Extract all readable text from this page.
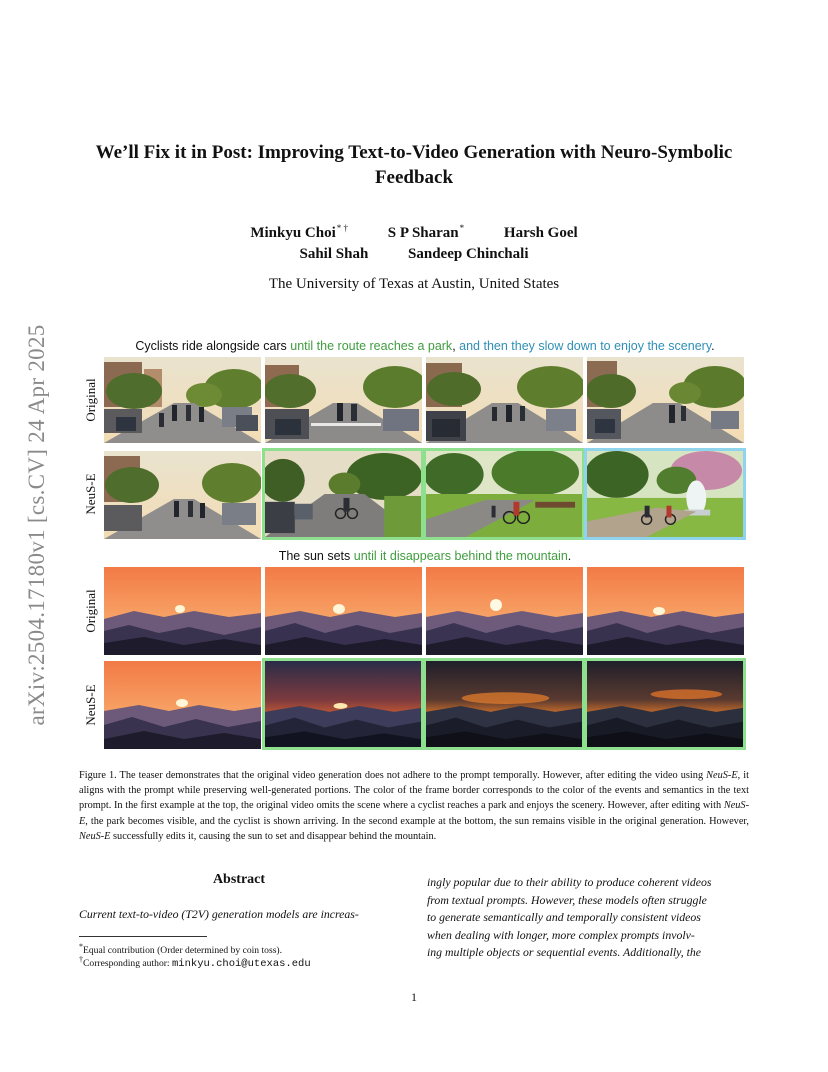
arXiv:2504.17180v1 [cs.CV] 24 Apr 2025
We’ll Fix it in Post: Improving Text-to-Video Generation with Neuro-Symbolic Feedback
Minkyu Choi* †	S P Sharan*	Harsh Goel
Sahil Shah	Sandeep Chinchali
The University of Texas at Austin, United States
Cyclists ride alongside cars until the route reaches a park, and then they slow down to enjoy the scenery.
Original
NeuS-E
The sun sets until it disappears behind the mountain.
Original
NeuS-E
Figure 1. The teaser demonstrates that the original video generation does not adhere to the prompt temporally. However, after editing the video using NeuS-E, it aligns with the prompt while preserving well-generated portions. The color of the frame border corresponds to the color of the events and semantics in the text prompt. In the first example at the top, the original video omits the scene where a cyclist reaches a park and enjoys the scenery. However, after editing with NeuS-E, the park becomes visible, and the cyclist is shown arriving. In the second example at the bottom, the sun remains visible in the original generation. However, NeuS-E successfully edits it, causing the sun to set and disappear behind the mountain.
Abstract
Current text-to-video (T2V) generation models are increas-
*Equal contribution (Order determined by coin toss).
†Corresponding author: minkyu.choi@utexas.edu
ingly popular due to their ability to produce coherent videos
from textual prompts. However, these models often struggle
to generate semantically and temporally consistent videos
when dealing with longer, more complex prompts involv-
ing multiple objects or sequential events. Additionally, the
1
